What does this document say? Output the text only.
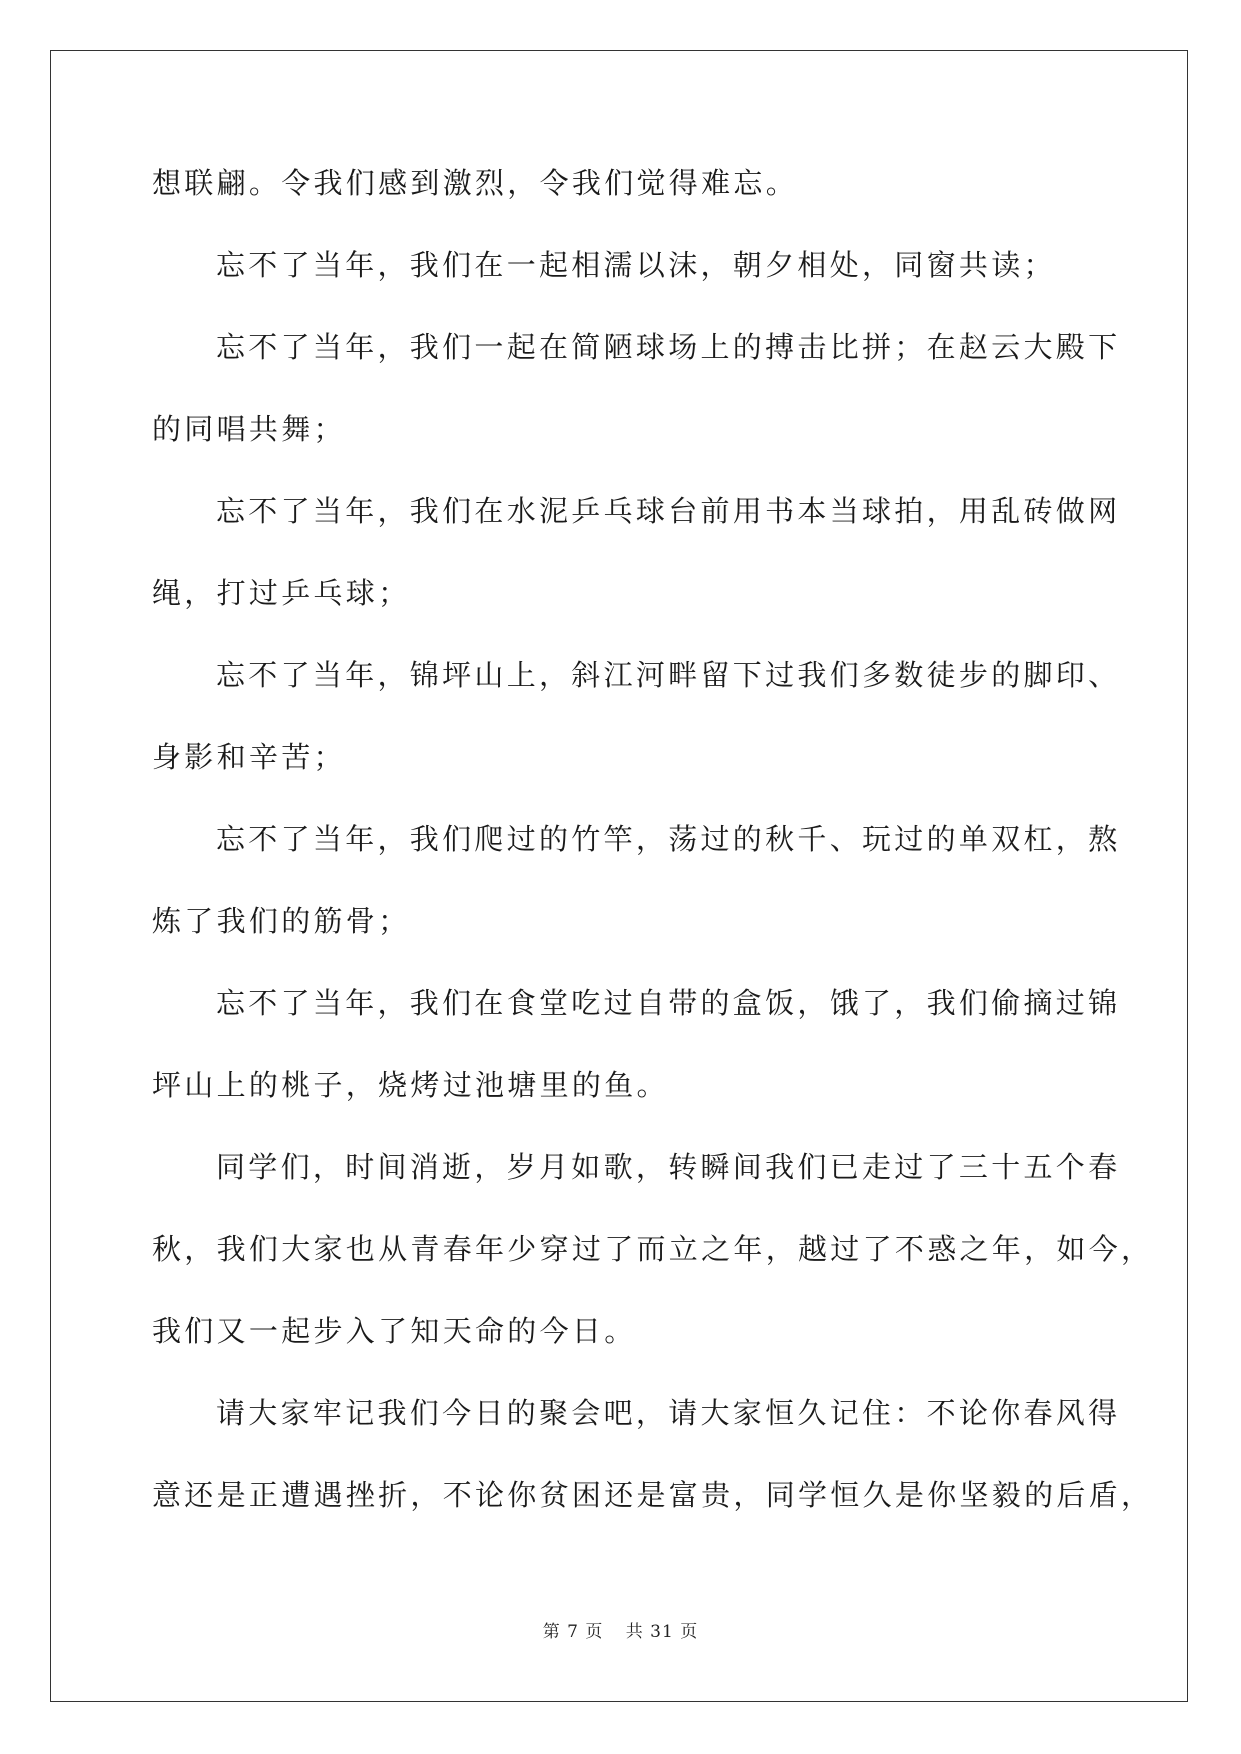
想联翩。令我们感到激烈，令我们觉得难忘。
忘不了当年，我们在一起相濡以沫，朝夕相处，同窗共读；
忘不了当年，我们一起在简陋球场上的搏击比拼；在赵云大殿下
的同唱共舞；
忘不了当年，我们在水泥乒乓球台前用书本当球拍，用乱砖做网
绳，打过乒乓球；
忘不了当年，锦坪山上，斜江河畔留下过我们多数徒步的脚印、
身影和辛苦；
忘不了当年，我们爬过的竹竿，荡过的秋千、玩过的单双杠，熬
炼了我们的筋骨；
忘不了当年，我们在食堂吃过自带的盒饭，饿了，我们偷摘过锦
坪山上的桃子，烧烤过池塘里的鱼。
同学们，时间消逝，岁月如歌，转瞬间我们已走过了三十五个春
秋，我们大家也从青春年少穿过了而立之年，越过了不惑之年，如今，
我们又一起步入了知天命的今日。
请大家牢记我们今日的聚会吧，请大家恒久记住：不论你春风得
意还是正遭遇挫折，不论你贫困还是富贵，同学恒久是你坚毅的后盾，
第 7 页 共 31 页
